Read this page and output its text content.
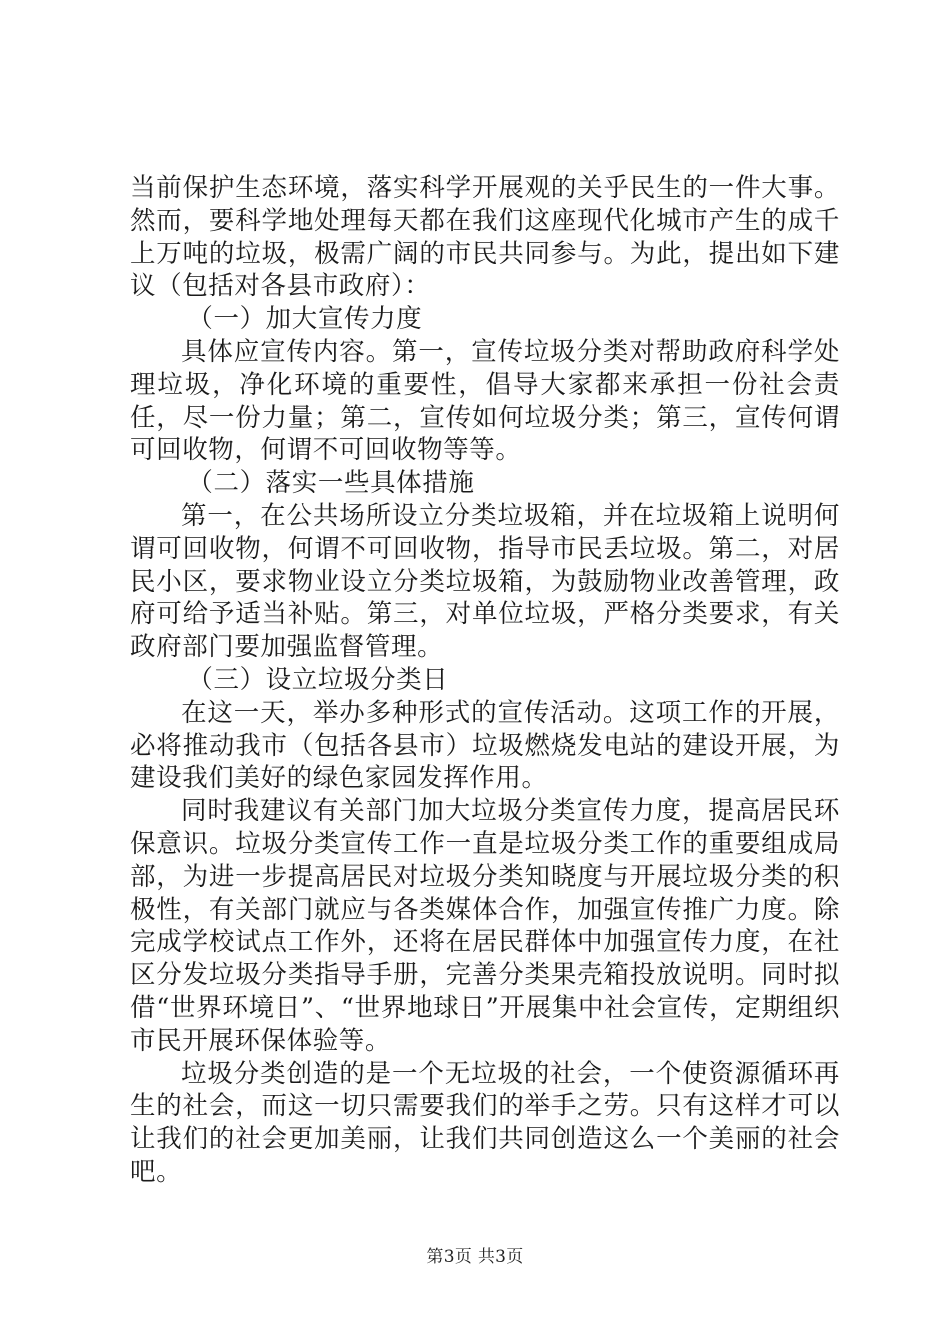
当前保护生态环境，落实科学开展观的关乎民生的一件大事。然而，要科学地处理每天都在我们这座现代化城市产生的成千上万吨的垃圾，极需广阔的市民共同参与。为此，提出如下建议（包括对各县市政府）：

（一）加大宣传力度

具体应宣传内容。第一，宣传垃圾分类对帮助政府科学处理垃圾，净化环境的重要性，倡导大家都来承担一份社会责任，尽一份力量；第二，宣传如何垃圾分类；第三，宣传何谓可回收物，何谓不可回收物等等。

（二）落实一些具体措施

第一，在公共场所设立分类垃圾箱，并在垃圾箱上说明何谓可回收物，何谓不可回收物，指导市民丢垃圾。第二，对居民小区，要求物业设立分类垃圾箱，为鼓励物业改善管理，政府可给予适当补贴。第三，对单位垃圾，严格分类要求，有关政府部门要加强监督管理。

（三）设立垃圾分类日

在这一天，举办多种形式的宣传活动。这项工作的开展，必将推动我市（包括各县市）垃圾燃烧发电站的建设开展，为建设我们美好的绿色家园发挥作用。

同时我建议有关部门加大垃圾分类宣传力度，提高居民环保意识。垃圾分类宣传工作一直是垃圾分类工作的重要组成局部，为进一步提高居民对垃圾分类知晓度与开展垃圾分类的积极性，有关部门就应与各类媒体合作，加强宣传推广力度。除完成学校试点工作外，还将在居民群体中加强宣传力度，在社区分发垃圾分类指导手册，完善分类果壳箱投放说明。同时拟借“世界环境日”、“世界地球日”开展集中社会宣传，定期组织市民开展环保体验等。

垃圾分类创造的是一个无垃圾的社会，一个使资源循环再生的社会，而这一切只需要我们的举手之劳。只有这样才可以让我们的社会更加美丽，让我们共同创造这么一个美丽的社会吧。

第3页 共3页
